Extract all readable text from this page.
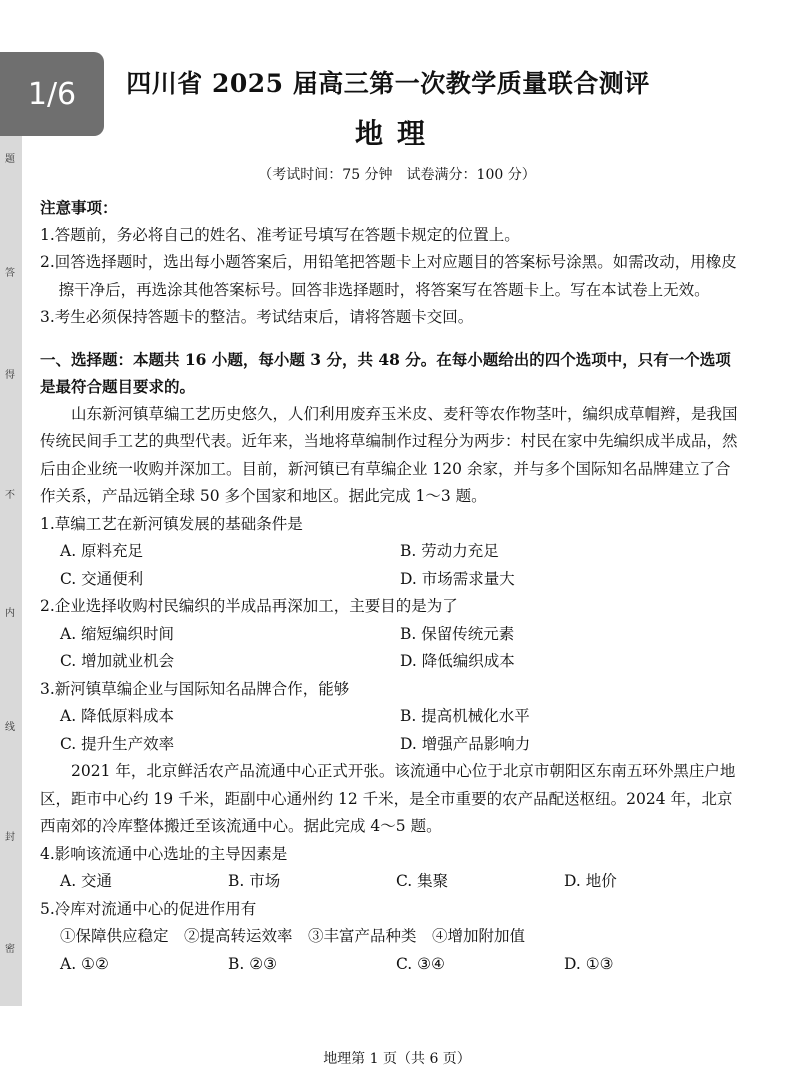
1/6
题
答
得
不
内
线
封
密
四川省 2025 届高三第一次教学质量联合测评
地理
（考试时间：75 分钟　试卷满分：100 分）

注意事项：

1.答题前，务必将自己的姓名、准考证号填写在答题卡规定的位置上。

2.回答选择题时，选出每小题答案后，用铅笔把答题卡上对应题目的答案标号涂黑。如需改动，用橡皮擦干净后，再选涂其他答案标号。回答非选择题时，将答案写在答题卡上。写在本试卷上无效。

3.考生必须保持答题卡的整洁。考试结束后，请将答题卡交回。

一、选择题：本题共 16 小题，每小题 3 分，共 48 分。在每小题给出的四个选项中，只有一个选项是最符合题目要求的。

山东新河镇草编工艺历史悠久，人们利用废弃玉米皮、麦秆等农作物茎叶，编织成草帽辫，是我国传统民间手工艺的典型代表。近年来，当地将草编制作过程分为两步：村民在家中先编织成半成品，然后由企业统一收购并深加工。目前，新河镇已有草编企业 120 余家，并与多个国际知名品牌建立了合作关系，产品远销全球 50 多个国家和地区。据此完成 1～3 题。

1.草编工艺在新河镇发展的基础条件是

A. 原料充足	B. 劳动力充足
C. 交通便利	D. 市场需求量大

2.企业选择收购村民编织的半成品再深加工，主要目的是为了

A. 缩短编织时间	B. 保留传统元素
C. 增加就业机会	D. 降低编织成本

3.新河镇草编企业与国际知名品牌合作，能够

A. 降低原料成本	B. 提高机械化水平
C. 提升生产效率	D. 增强产品影响力

2021 年，北京鲜活农产品流通中心正式开张。该流通中心位于北京市朝阳区东南五环外黑庄户地区，距市中心约 19 千米，距副中心通州约 12 千米，是全市重要的农产品配送枢纽。2024 年，北京西南郊的冷库整体搬迁至该流通中心。据此完成 4～5 题。

4.影响该流通中心选址的主导因素是

A. 交通	B. 市场	C. 集聚	D. 地价

5.冷库对流通中心的促进作用有

①保障供应稳定　②提高转运效率　③丰富产品种类　④增加附加值

A. ①②	B. ②③	C. ③④	D. ①③
地理第 1 页（共 6 页）
